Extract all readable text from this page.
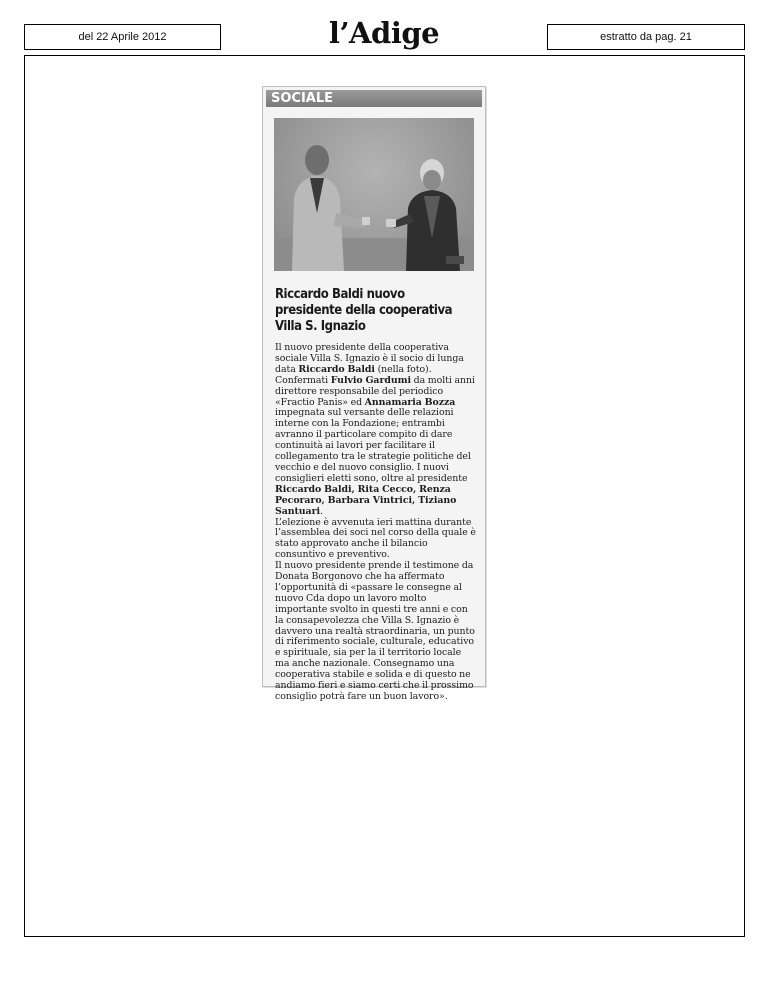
del 22 Aprile 2012	l’Adige	estratto da pag. 21
SOCIALE
Riccardo Baldi nuovo presidente della cooperativa Villa S. Ignazio

Il nuovo presidente della cooperativa sociale Villa S. Ignazio è il socio di lunga data Riccardo Baldi (nella foto). Confermati Fulvio Gardumi da molti anni direttore responsabile del periodico «Fractio Panis» ed Annamaria Bozza impegnata sul versante delle relazioni interne con la Fondazione; entrambi avranno il particolare compito di dare continuità ai lavori per facilitare il collegamento tra le strategie politiche del vecchio e del nuovo consiglio. I nuovi consiglieri eletti sono, oltre al presidente Riccardo Baldi, Rita Cecco, Renza Pecoraro, Barbara Vintrici, Tiziano Santuari.

L’elezione è avvenuta ieri mattina durante l’assemblea dei soci nel corso della quale è stato approvato anche il bilancio consuntivo e preventivo.

Il nuovo presidente prende il testimone da Donata Borgonovo che ha affermato l’opportunità di «passare le consegne al nuovo Cda dopo un lavoro molto importante svolto in questi tre anni e con la consapevolezza che Villa S. Ignazio è davvero una realtà straordinaria, un punto di riferimento sociale, culturale, educativo e spirituale, sia per la il territorio locale ma anche nazionale. Consegnamo una cooperativa stabile e solida e di questo ne andiamo fieri e siamo certi che il prossimo consiglio potrà fare un buon lavoro».
